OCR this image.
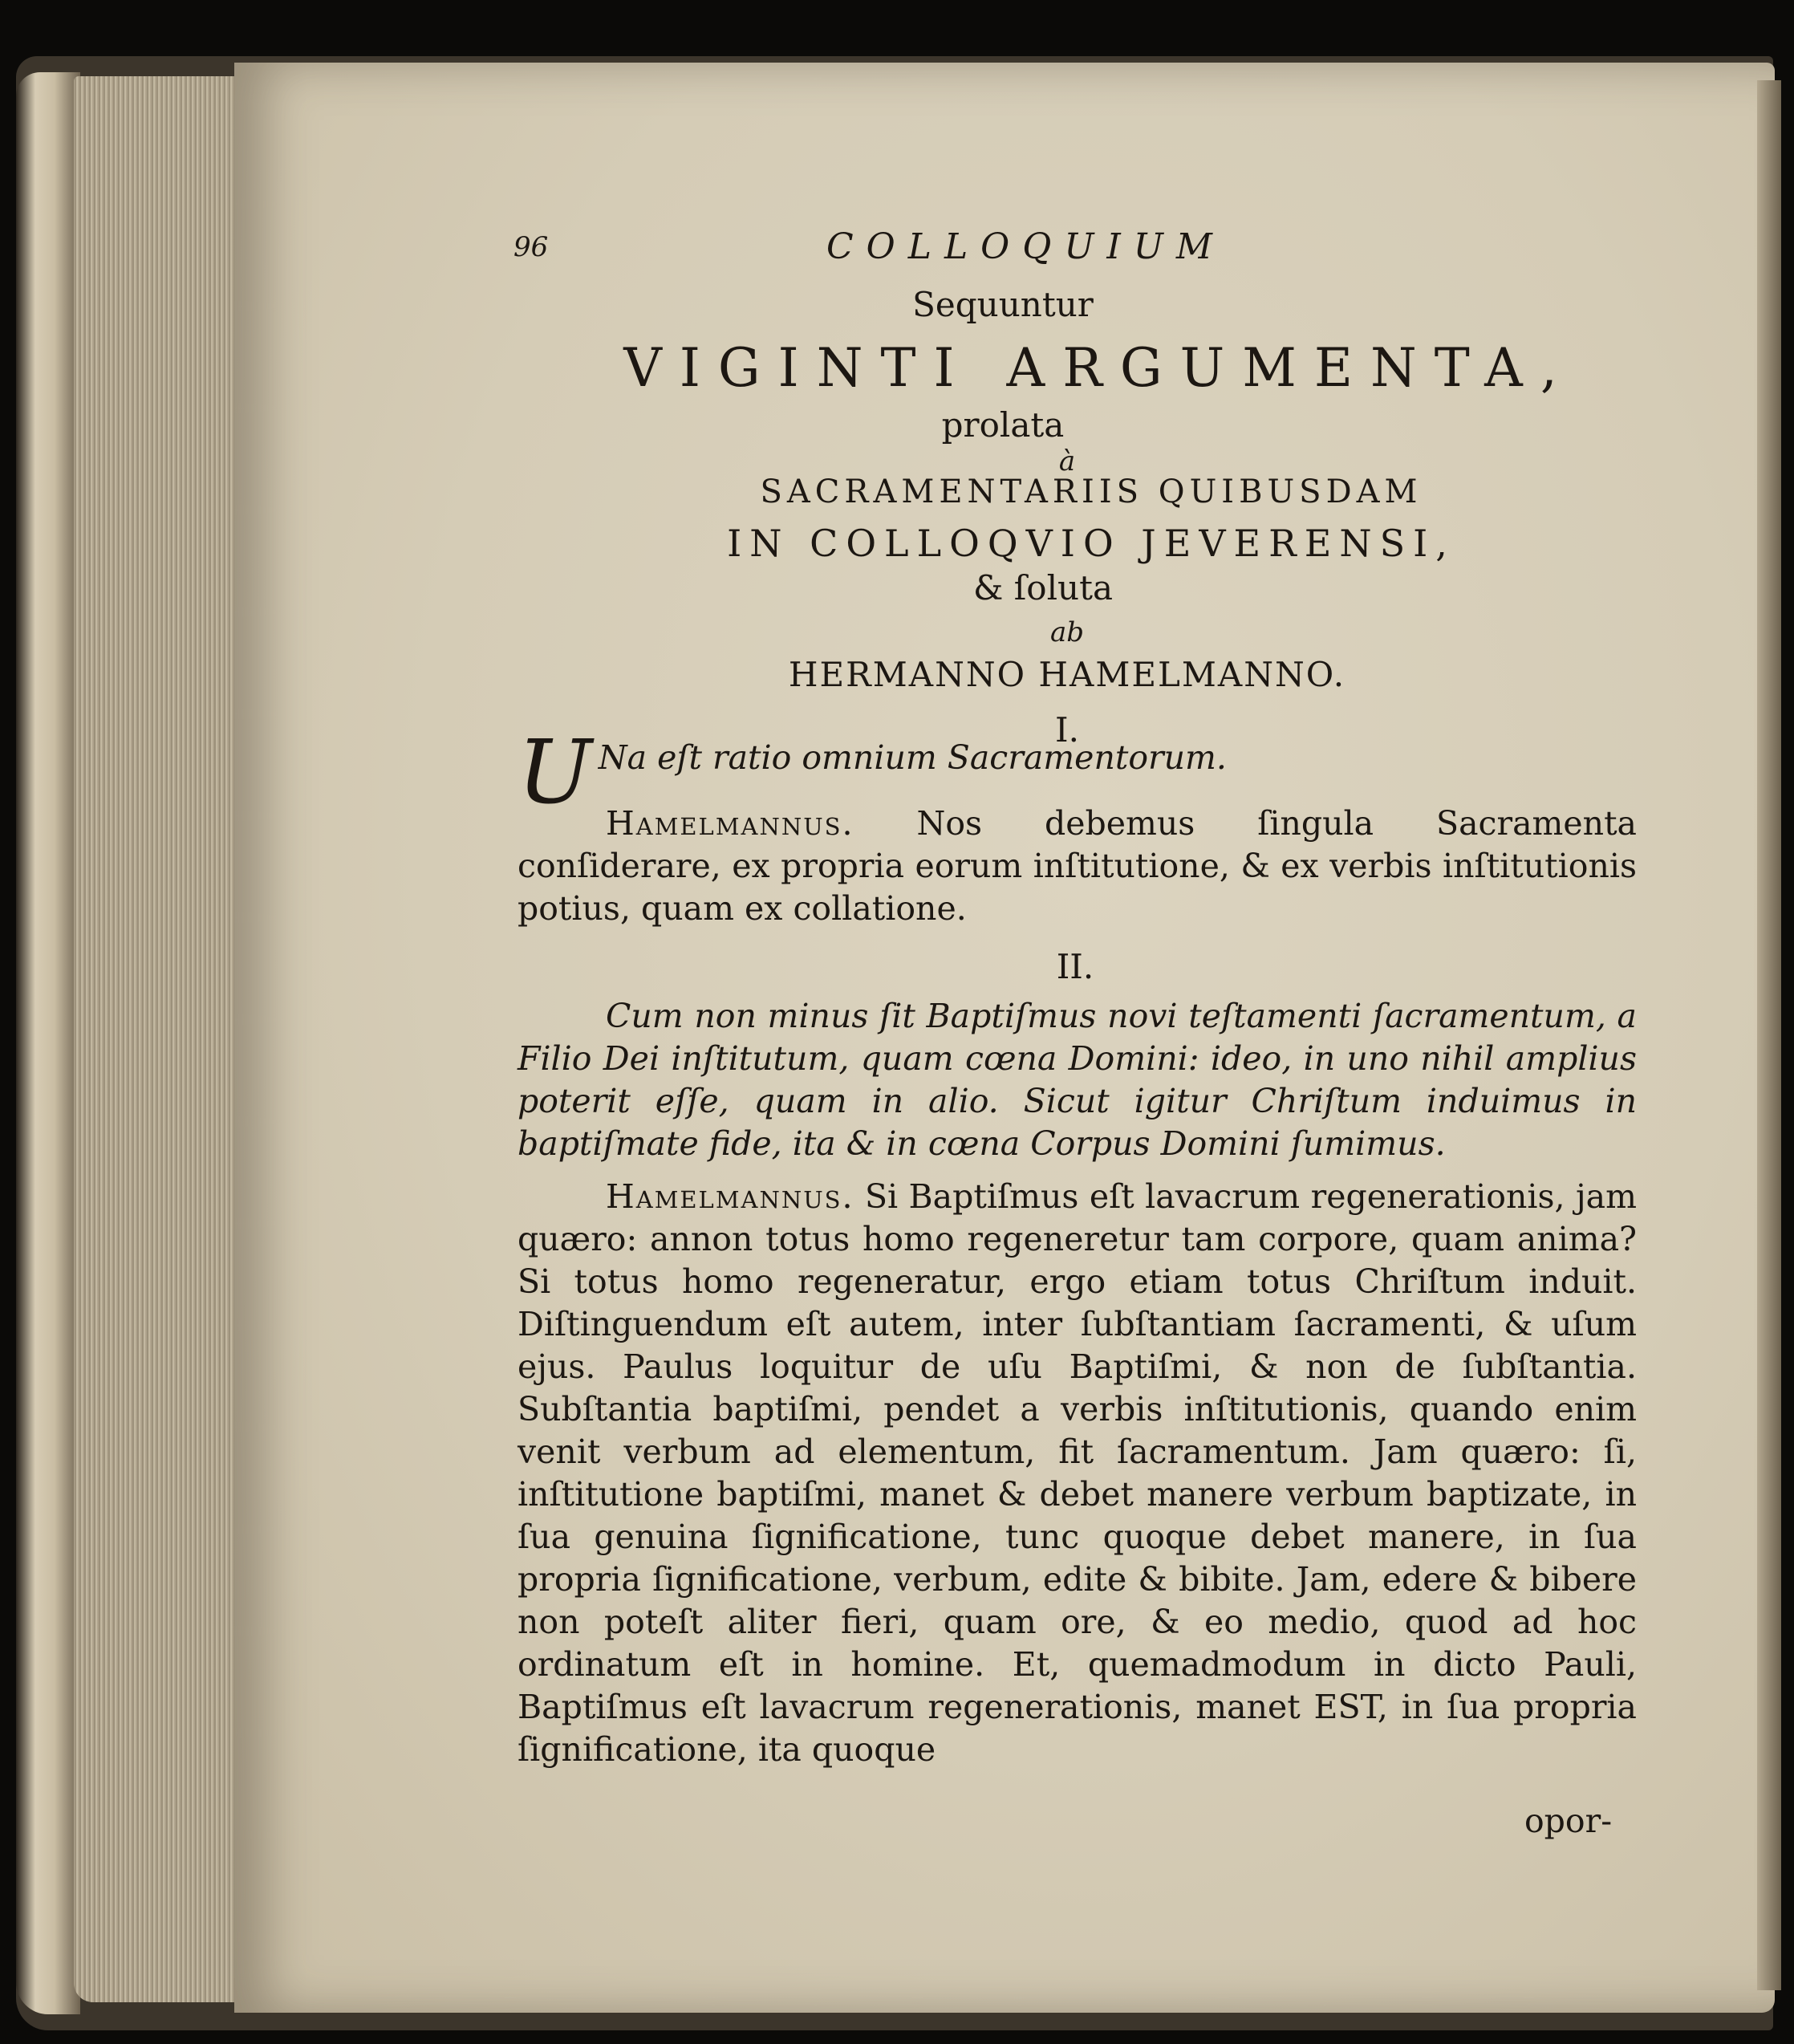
96	COLLOQUIUM
Sequuntur
VIGINTI ARGUMENTA,
prolata
à
SACRAMENTARIIS QUIBUSDAM
IN COLLOQVIO JEVERENSI,
& ſoluta
ab
HERMANNO HAMELMANNO.
I.
U Na eſt ratio omnium Sacramentorum.
Hamelmannus. Nos debemus ſingula Sacramenta conſiderare, ex propria eorum inſtitutione, & ex verbis inſtitutionis potius, quam ex collatione.
II.
Cum non minus ſit Baptiſmus novi teſtamenti ſacramentum, a Filio Dei inſtitutum, quam cœna Domini: ideo, in uno nihil amplius poterit eſſe, quam in alio. Sicut igitur Chriſtum induimus in baptiſmate fide, ita & in cœna Corpus Domini ſumimus.
Hamelmannus. Si Baptiſmus eſt lavacrum regenerationis, jam quæro: annon totus homo regeneretur tam corpore, quam anima? Si totus homo regeneratur, ergo etiam totus Chriſtum induit. Diſtinguendum eſt autem, inter ſubſtantiam ſacramenti, & uſum ejus. Paulus loquitur de uſu Baptiſmi, & non de ſubſtantia. Subſtantia baptiſmi, pendet a verbis inſtitutionis, quando enim venit verbum ad elementum, fit ſacramentum. Jam quæro: ſi, inſtitutione baptiſmi, manet & debet manere verbum baptizate, in ſua genuina ſignificatione, tunc quoque debet manere, in ſua propria ſignificatione, verbum, edite & bibite. Jam, edere & bibere non poteſt aliter fieri, quam ore, & eo medio, quod ad hoc ordinatum eſt in homine. Et, quemadmodum in dicto Pauli, Baptiſmus eſt lavacrum regenerationis, manet EST, in ſua propria ſignificatione, ita quoque
opor-
